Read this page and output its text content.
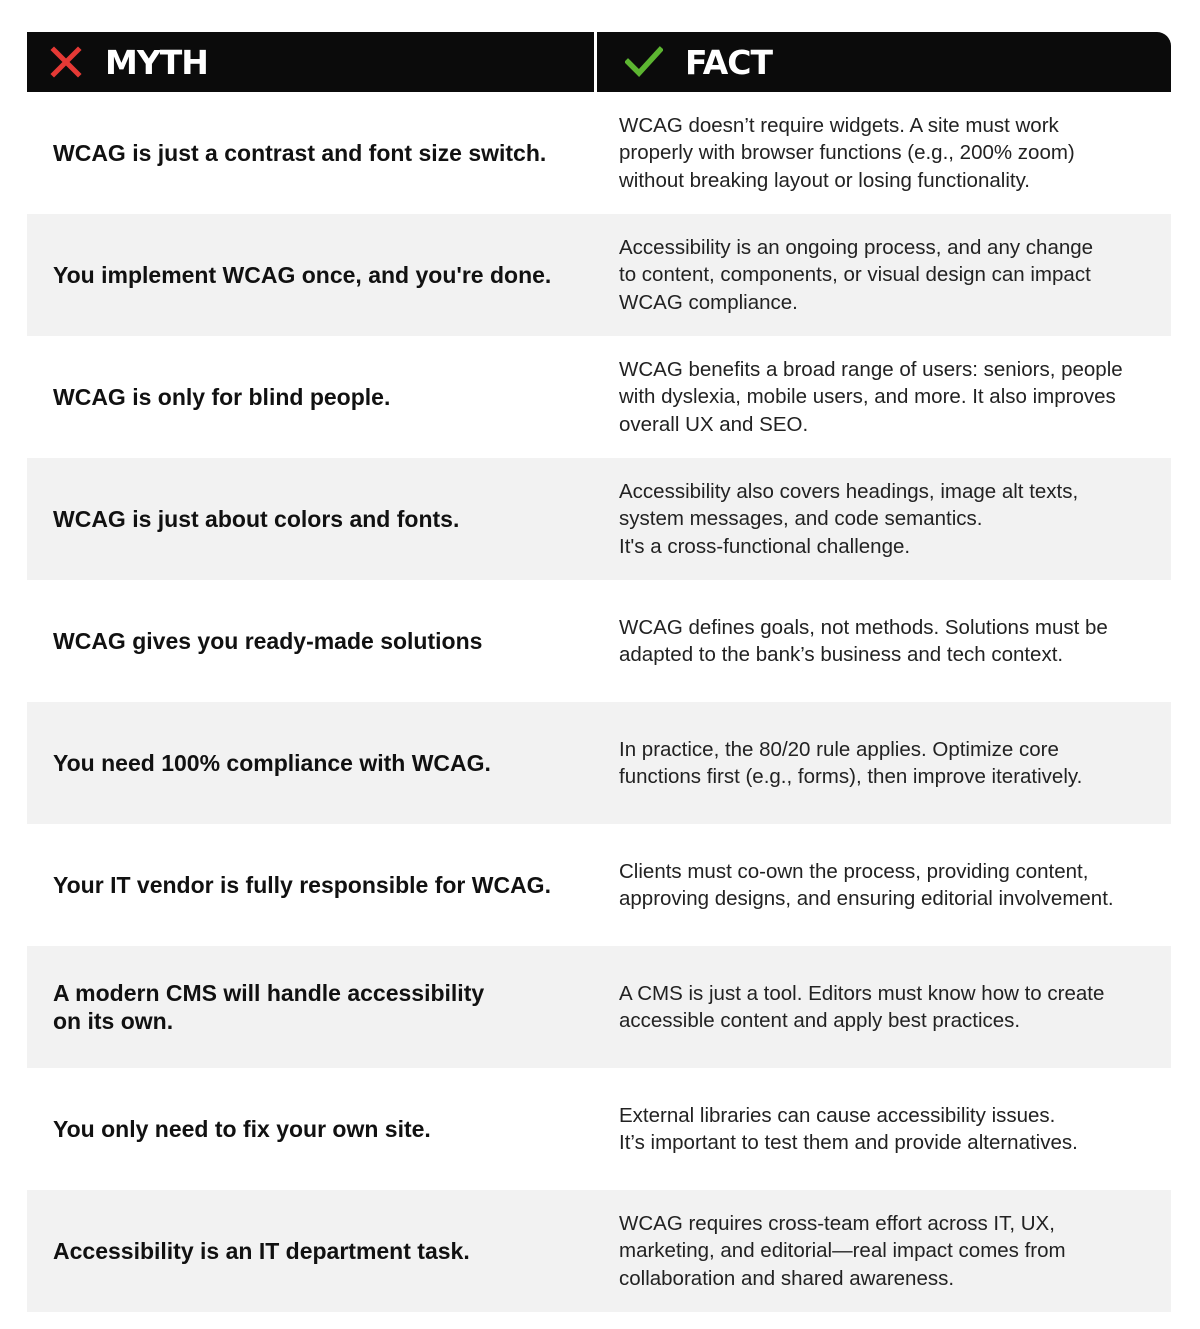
MYTH	FACT
WCAG is just a contrast and font size switch.
WCAG doesn’t require widgets. A site must work
properly with browser functions (e.g., 200% zoom)
without breaking layout or losing functionality.
You implement WCAG once, and you're done.
Accessibility is an ongoing process, and any change
to content, components, or visual design can impact
WCAG compliance.
WCAG is only for blind people.
WCAG benefits a broad range of users: seniors, people
with dyslexia, mobile users, and more. It also improves
overall UX and SEO.
WCAG is just about colors and fonts.
Accessibility also covers headings, image alt texts,
system messages, and code semantics.
It's a cross-functional challenge.
WCAG gives you ready-made solutions
WCAG defines goals, not methods. Solutions must be
adapted to the bank’s business and tech context.
You need 100% compliance with WCAG.
In practice, the 80/20 rule applies. Optimize core
functions first (e.g., forms), then improve iteratively.
Your IT vendor is fully responsible for WCAG.
Clients must co-own the process, providing content,
approving designs, and ensuring editorial involvement.
A modern CMS will handle accessibility
on its own.
A CMS is just a tool. Editors must know how to create
accessible content and apply best practices.
You only need to fix your own site.
External libraries can cause accessibility issues.
It’s important to test them and provide alternatives.
Accessibility is an IT department task.
WCAG requires cross-team effort across IT, UX,
marketing, and editorial—real impact comes from
collaboration and shared awareness.
